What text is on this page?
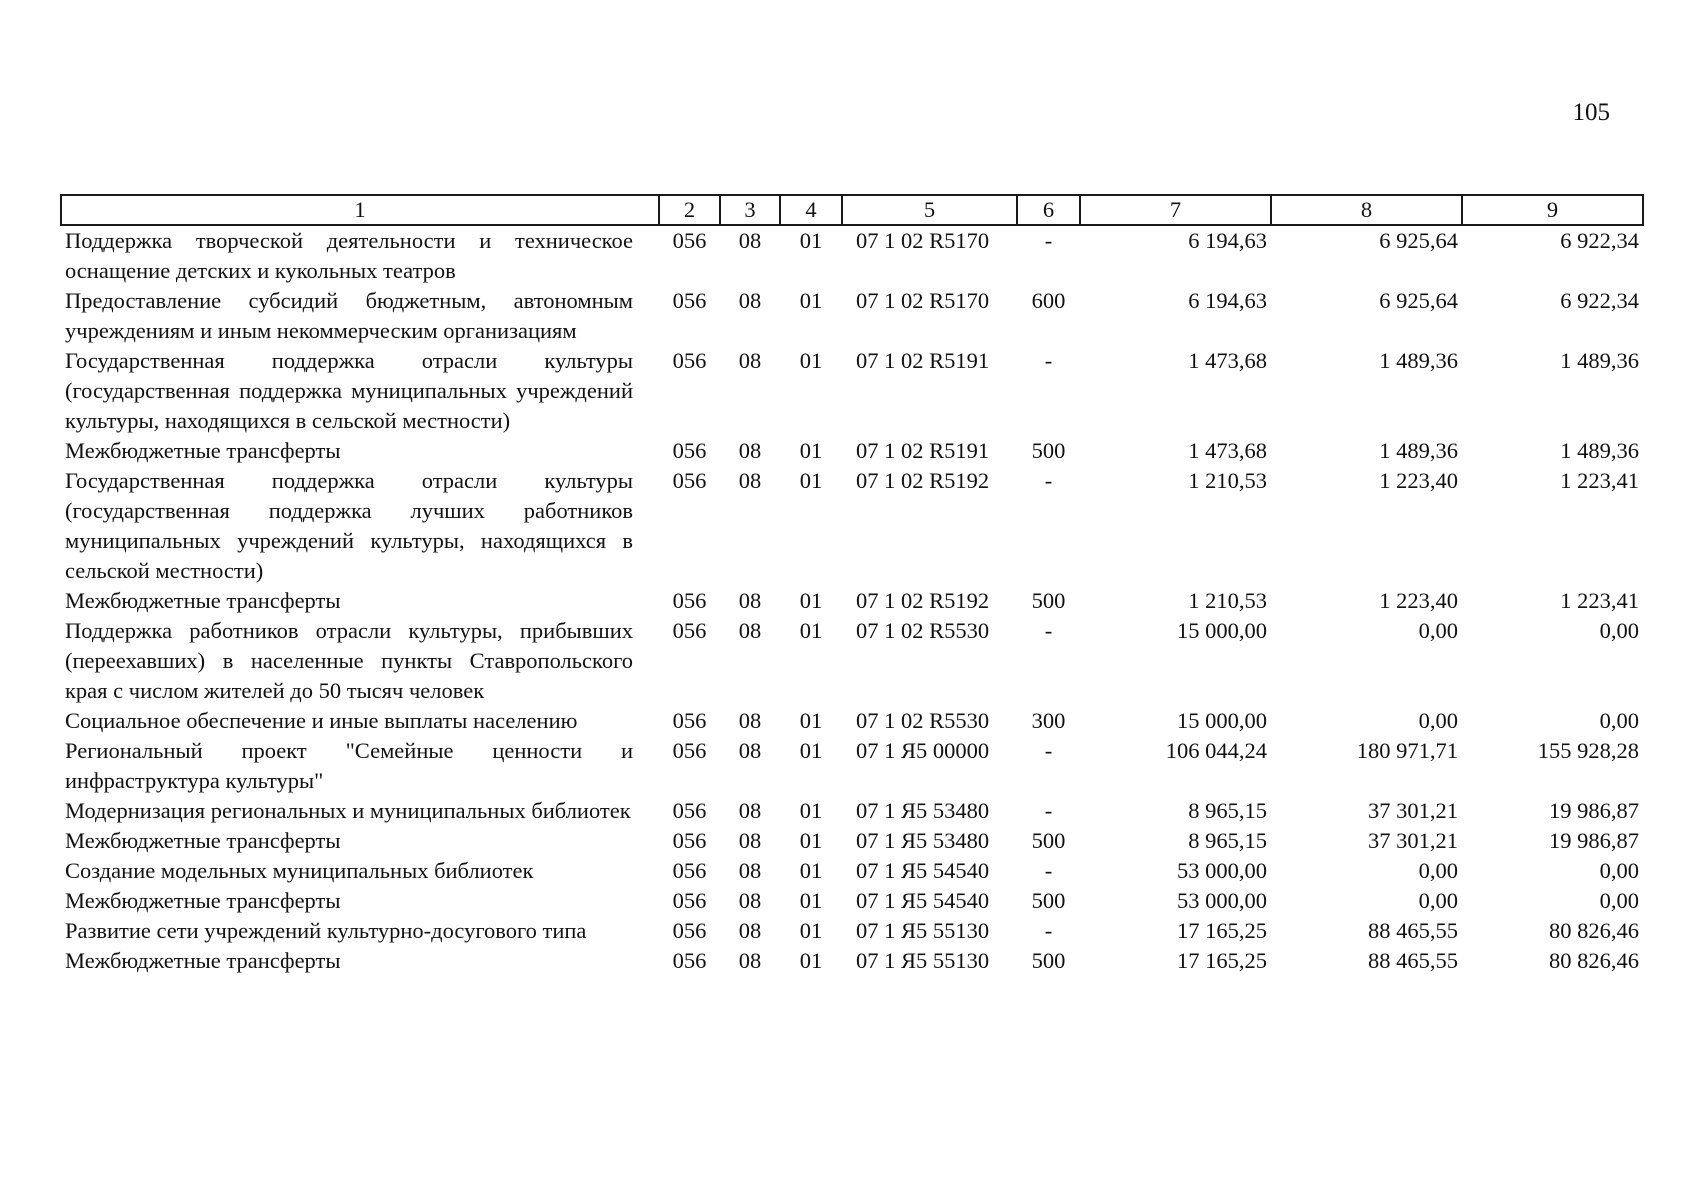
105
1	2	3	4	5	6	7	8	9
Поддержка творческой деятельности и техническое оснащение детских и кукольных театров	056	08	01	07 1 02 R5170	-	6 194,63	6 925,64	6 922,34
Предоставление субсидий бюджетным, автономным учреждениям и иным некоммерческим организациям	056	08	01	07 1 02 R5170	600	6 194,63	6 925,64	6 922,34
Государственная поддержка отрасли культуры (государственная поддержка муниципальных учреждений культуры, находящихся в сельской местности)	056	08	01	07 1 02 R5191	-	1 473,68	1 489,36	1 489,36
Межбюджетные трансферты	056	08	01	07 1 02 R5191	500	1 473,68	1 489,36	1 489,36
Государственная поддержка отрасли культуры (государственная поддержка лучших работников муниципальных учреждений культуры, находящихся в сельской местности)	056	08	01	07 1 02 R5192	-	1 210,53	1 223,40	1 223,41
Межбюджетные трансферты	056	08	01	07 1 02 R5192	500	1 210,53	1 223,40	1 223,41
Поддержка работников отрасли культуры, прибывших (переехавших) в населенные пункты Ставропольского края с числом жителей до 50 тысяч человек	056	08	01	07 1 02 R5530	-	15 000,00	0,00	0,00
Социальное обеспечение и иные выплаты населению	056	08	01	07 1 02 R5530	300	15 000,00	0,00	0,00
Региональный проект "Семейные ценности и инфраструктура культуры"	056	08	01	07 1 Я5 00000	-	106 044,24	180 971,71	155 928,28
Модернизация региональных и муниципальных библиотек	056	08	01	07 1 Я5 53480	-	8 965,15	37 301,21	19 986,87
Межбюджетные трансферты	056	08	01	07 1 Я5 53480	500	8 965,15	37 301,21	19 986,87
Создание модельных муниципальных библиотек	056	08	01	07 1 Я5 54540	-	53 000,00	0,00	0,00
Межбюджетные трансферты	056	08	01	07 1 Я5 54540	500	53 000,00	0,00	0,00
Развитие сети учреждений культурно-досугового типа	056	08	01	07 1 Я5 55130	-	17 165,25	88 465,55	80 826,46
Межбюджетные трансферты	056	08	01	07 1 Я5 55130	500	17 165,25	88 465,55	80 826,46
